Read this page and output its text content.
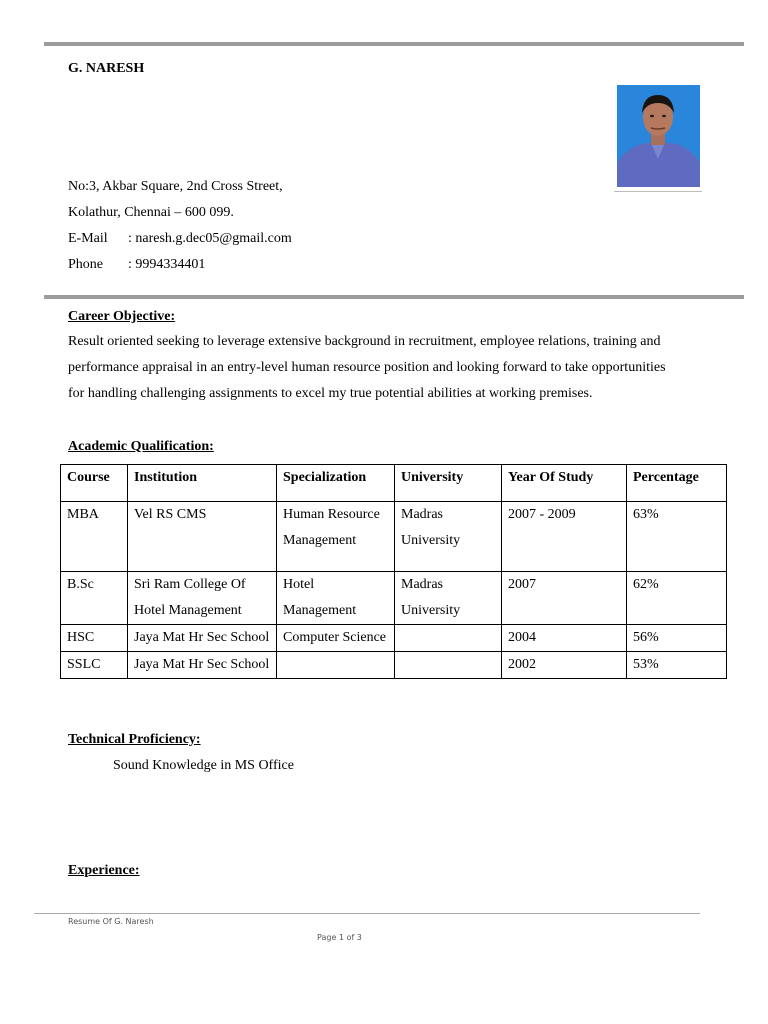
G. NARESH
No:3, Akbar Square, 2nd Cross Street,
Kolathur, Chennai – 600 099.
E-Mail : naresh.g.dec05@gmail.com
Phone : 9994334401
Career Objective:
Result oriented seeking to leverage extensive background in recruitment, employee relations, training and
performance appraisal in an entry-level human resource position and looking forward to take opportunities
for handling challenging assignments to excel my true potential abilities at working premises.
Academic Qualification:
Course	Institution	Specialization	University	Year Of Study	Percentage
MBA	Vel RS CMS	Human Resource Management	Madras University	2007 - 2009	63%
B.Sc	Sri Ram College Of Hotel Management	Hotel Management	Madras University	2007	62%
HSC	Jaya Mat Hr Sec School	Computer Science		2004	56%
SSLC	Jaya Mat Hr Sec School			2002	53%
Technical Proficiency:
Sound Knowledge in MS Office
Experience:
Resume Of G. Naresh
Page 1 of 3
